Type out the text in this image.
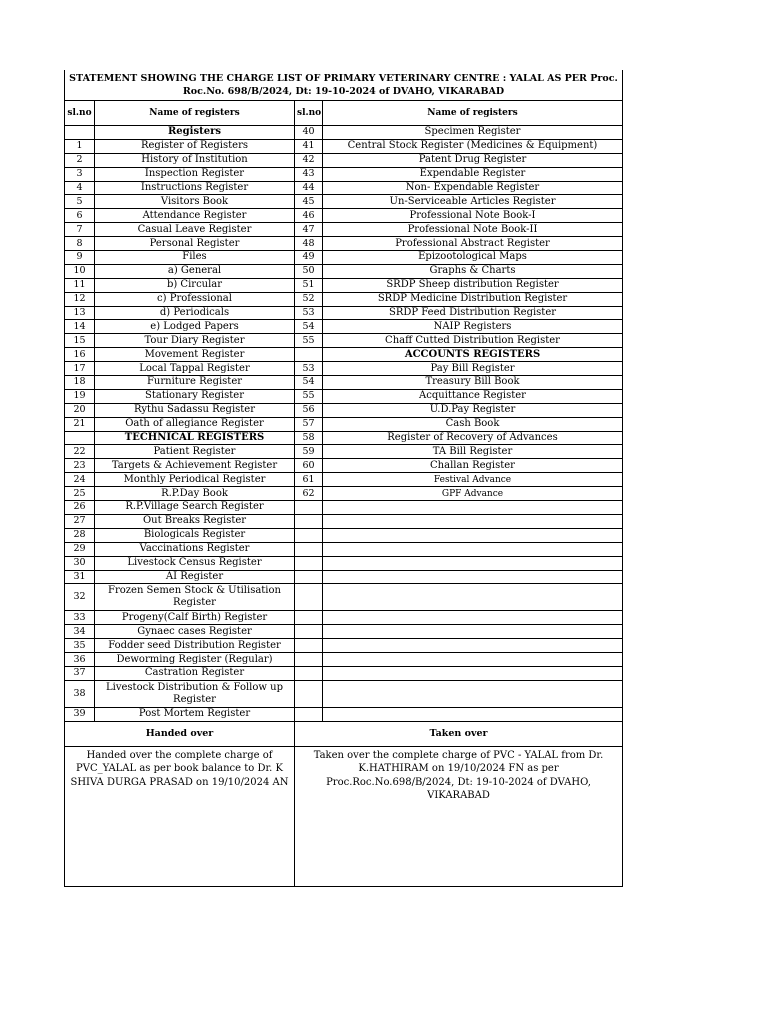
STATEMENT SHOWING THE CHARGE LIST OF PRIMARY VETERINARY CENTRE : YALAL AS PER Proc. Roc.No. 698/B/2024, Dt: 19-10-2024 of DVAHO, VIKARABAD			
sl.no	Name of registers	sl.no	Name of registers
	Registers	40	Specimen Register
1	Register of Registers	41	Central Stock Register (Medicines & Equipment)
2	History of Institution	42	Patent Drug Register
3	Inspection Register	43	Expendable Register
4	Instructions Register	44	Non- Expendable Register
5	Visitors Book	45	Un-Serviceable Articles Register
6	Attendance Register	46	Professional Note Book-I
7	Casual Leave Register	47	Professional Note Book-II
8	Personal Register	48	Professional Abstract Register
9	Files	49	Epizootological Maps
10	a) General	50	Graphs & Charts
11	b) Circular	51	SRDP Sheep distribution Register
12	c) Professional	52	SRDP Medicine Distribution Register
13	d) Periodicals	53	SRDP Feed Distribution Register
14	e) Lodged Papers	54	NAIP Registers
15	Tour Diary Register	55	Chaff Cutted Distribution Register
16	Movement Register		ACCOUNTS REGISTERS
17	Local Tappal Register	53	Pay Bill Register
18	Furniture Register	54	Treasury Bill Book
19	Stationary Register	55	Acquittance Register
20	Rythu Sadassu Register	56	U.D.Pay Register
21	Oath of allegiance Register	57	Cash Book
	TECHNICAL REGISTERS	58	Register of Recovery of Advances
22	Patient Register	59	TA Bill Register
23	Targets & Achievement Register	60	Challan Register
24	Monthly Periodical Register	61	Festival Advance
25	R.P.Day Book	62	GPF Advance
26	R.P.Village Search Register		
27	Out Breaks Register		
28	Biologicals Register		
29	Vaccinations Register		
30	Livestock Census Register		
31	AI Register		
32	Frozen Semen Stock & Utilisation Register		
33	Progeny(Calf Birth) Register		
34	Gynaec cases Register		
35	Fodder seed Distribution Register		
36	Deworming Register (Regular)		
37	Castration Register		
38	Livestock Distribution & Follow up Register		
39	Post Mortem Register		
Handed over		Taken over	
Handed over the complete charge of PVC_YALAL as per book balance to Dr. K SHIVA DURGA PRASAD on 19/10/2024 AN		Taken over the complete charge of PVC - YALAL from Dr. K.HATHIRAM on 19/10/2024 FN as per Proc.Roc.No.698/B/2024, Dt: 19-10-2024 of DVAHO, VIKARABAD	
